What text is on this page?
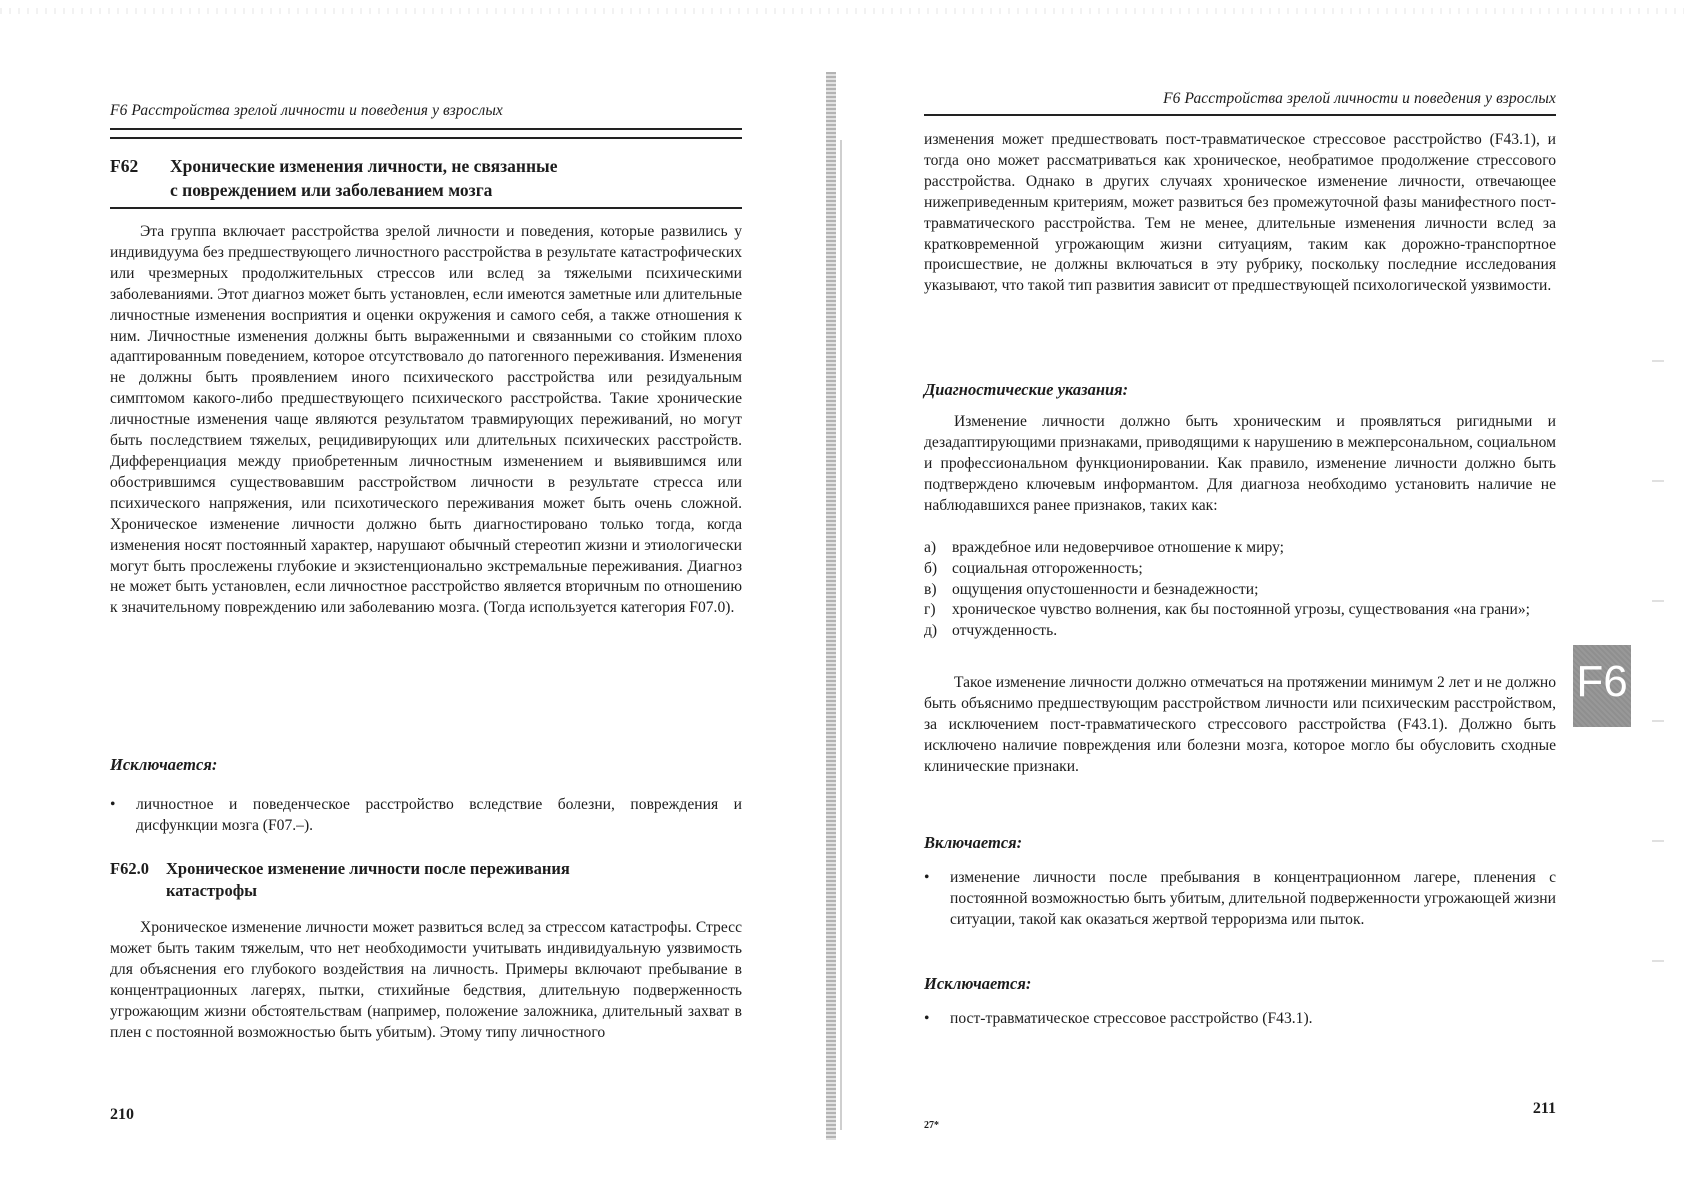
F6 Расстройства зрелой личности и поведения у взрослых
F62 Хронические изменения личности, не связанные
с повреждением или заболеванием мозга
Эта группа включает расстройства зрелой личности и поведения, которые развились у индивидуума без предшествующего личностного расстройства в результате катастрофических или чрезмерных продолжительных стрессов или вслед за тяжелыми психическими заболеваниями. Этот диагноз может быть установлен, если имеются заметные или длительные личностные изменения восприятия и оценки окружения и самого себя, а также отношения к ним. Личностные изменения должны быть выраженными и связанными со стойким плохо адаптированным поведением, которое отсутствовало до патогенного переживания. Изменения не должны быть проявлением иного психического расстройства или резидуальным симптомом какого-либо предшествующего психического расстройства. Такие хронические личностные изменения чаще являются результатом травмирующих переживаний, но могут быть последствием тяжелых, рецидивирующих или длительных психических расстройств. Дифференциация между приобретенным личностным изменением и выявившимся или обострившимся существовавшим расстройством личности в результате стресса или психического напряжения, или психотического переживания может быть очень сложной. Хроническое изменение личности должно быть диагностировано только тогда, когда изменения носят постоянный характер, нарушают обычный стереотип жизни и этиологически могут быть прослежены глубокие и экзистенционально экстремальные переживания. Диагноз не может быть установлен, если личностное расстройство является вторичным по отношению к значительному повреждению или заболеванию мозга. (Тогда используется категория F07.0).
Исключается:
•	личностное и поведенческое расстройство вследствие болезни, повреждения и дисфункции мозга (F07.–).
F62.0 Хроническое изменение личности после переживания
катастрофы
Хроническое изменение личности может развиться вслед за стрессом катастрофы. Стресс может быть таким тяжелым, что нет необходимости учитывать индивидуальную уязвимость для объяснения его глубокого воздействия на личность. Примеры включают пребывание в концентрационных лагерях, пытки, стихийные бедствия, длительную подверженность угрожающим жизни обстоятельствам (например, положение заложника, длительный захват в плен с постоянной возможностью быть убитым). Этому типу личностного
210
F6 Расстройства зрелой личности и поведения у взрослых
изменения может предшествовать пост-травматическое стрессовое расстройство (F43.1), и тогда оно может рассматриваться как хроническое, необратимое продолжение стрессового расстройства. Однако в других случаях хроническое изменение личности, отвечающее нижеприведенным критериям, может развиться без промежуточной фазы манифестного пост-травматического расстройства. Тем не менее, длительные изменения личности вслед за кратковременной угрожающим жизни ситуациям, таким как дорожно-транспортное происшествие, не должны включаться в эту рубрику, поскольку последние исследования указывают, что такой тип развития зависит от предшествующей психологической уязвимости.
Диагностические указания:
Изменение личности должно быть хроническим и проявляться ригидными и дезадаптирующими признаками, приводящими к нарушению в межперсональном, социальном и профессиональном функционировании. Как правило, изменение личности должно быть подтверждено ключевым информантом. Для диагноза необходимо установить наличие не наблюдавшихся ранее признаков, таких как:
а) враждебное или недоверчивое отношение к миру;
б) социальная отгороженность;
в) ощущения опустошенности и безнадежности;
г) хроническое чувство волнения, как бы постоянной угрозы, существования «на грани»;
д) отчужденность.
Такое изменение личности должно отмечаться на протяжении минимум 2 лет и не должно быть объяснимо предшествующим расстройством личности или психическим расстройством, за исключением пост-травматического стрессового расстройства (F43.1). Должно быть исключено наличие повреждения или болезни мозга, которое могло бы обусловить сходные клинические признаки.
Включается:
•	изменение личности после пребывания в концентрационном лагере, пленения с постоянной возможностью быть убитым, длительной подверженности угрожающей жизни ситуации, такой как оказаться жертвой терроризма или пыток.
Исключается:
•	пост-травматическое стрессовое расстройство (F43.1).
27*
211
F6
